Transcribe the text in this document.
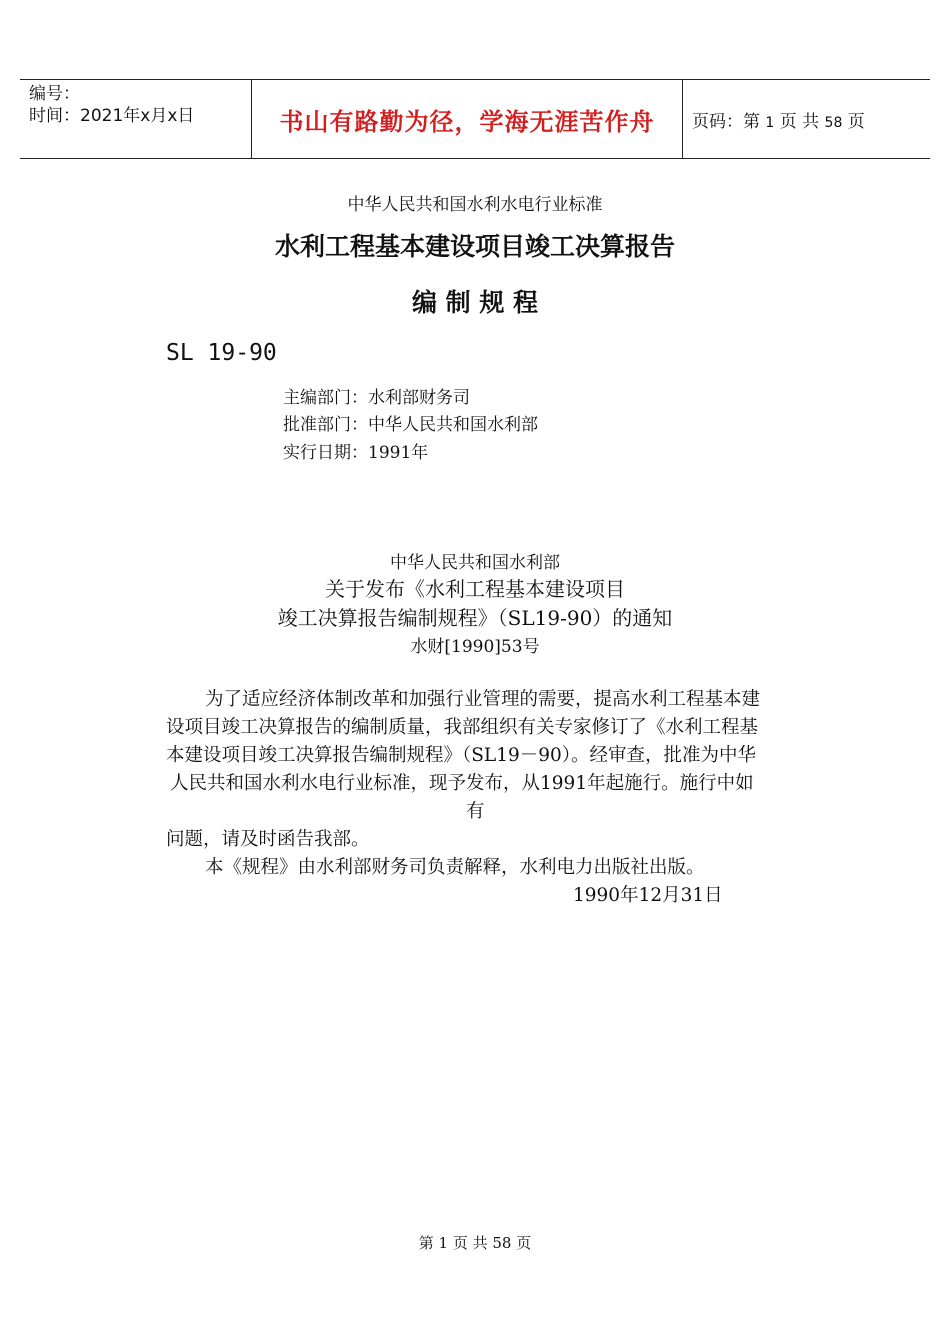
编号：
时间：2021年x月x日	书山有路勤为径，学海无涯苦作舟	页码：第 1 页 共 58 页
中华人民共和国水利水电行业标准
水利工程基本建设项目竣工决算报告
编 制 规 程
SL 19-90
主编部门：水利部财务司
批准部门：中华人民共和国水利部
实行日期：1991年
中华人民共和国水利部
关于发布《水利工程基本建设项目
竣工决算报告编制规程》（SL19-90）的通知
水财[1990]53号
为了适应经济体制改革和加强行业管理的需要，提高水利工程基本建
设项目竣工决算报告的编制质量，我部组织有关专家修订了《水利工程基
本建设项目竣工决算报告编制规程》（SL19－90）。经审查，批准为中华
人民共和国水利水电行业标准，现予发布，从1991年起施行。施行中如
有
问题，请及时函告我部。
本《规程》由水利部财务司负责解释，水利电力出版社出版。
1990年12月31日
第 1 页 共 58 页
